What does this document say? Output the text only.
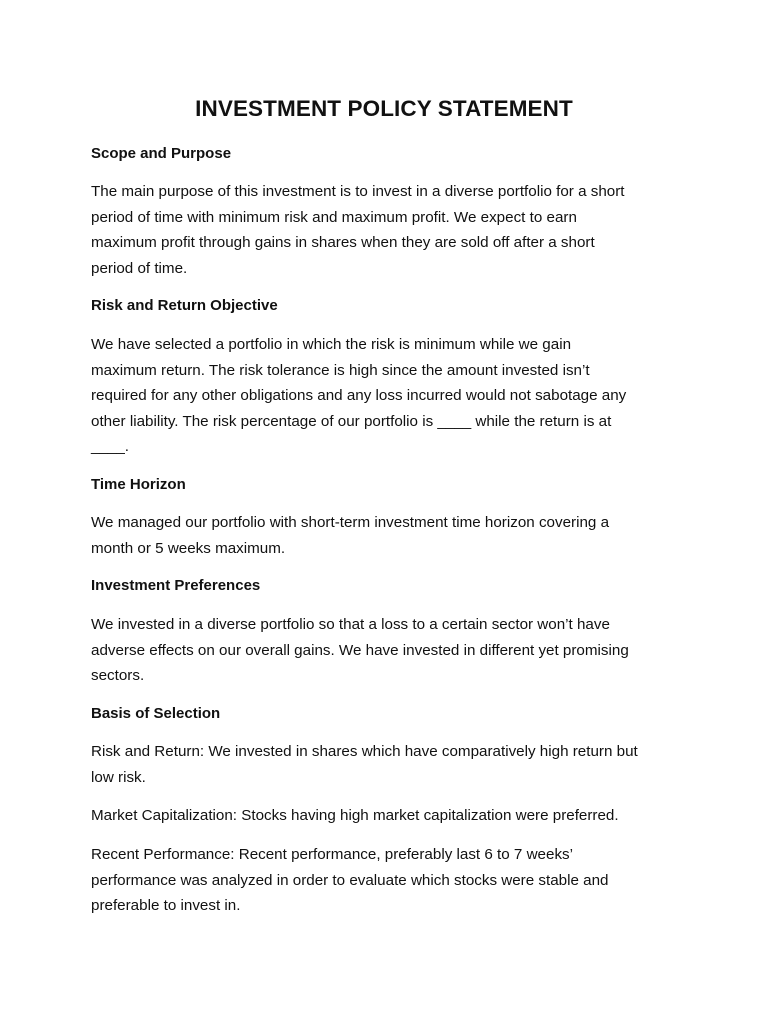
INVESTMENT POLICY STATEMENT
Scope and Purpose
The main purpose of this investment is to invest in a diverse portfolio for a short
period of time with minimum risk and maximum profit. We expect to earn
maximum profit through gains in shares when they are sold off after a short
period of time.
Risk and Return Objective
We have selected a portfolio in which the risk is minimum while we gain
maximum return. The risk tolerance is high since the amount invested isn’t
required for any other obligations and any loss incurred would not sabotage any
other liability. The risk percentage of our portfolio is ____ while the return is at
____.
Time Horizon
We managed our portfolio with short-term investment time horizon covering a
month or 5 weeks maximum.
Investment Preferences
We invested in a diverse portfolio so that a loss to a certain sector won’t have
adverse effects on our overall gains. We have invested in different yet promising
sectors.
Basis of Selection
Risk and Return: We invested in shares which have comparatively high return but
low risk.
Market Capitalization: Stocks having high market capitalization were preferred.
Recent Performance: Recent performance, preferably last 6 to 7 weeks’
performance was analyzed in order to evaluate which stocks were stable and
preferable to invest in.
